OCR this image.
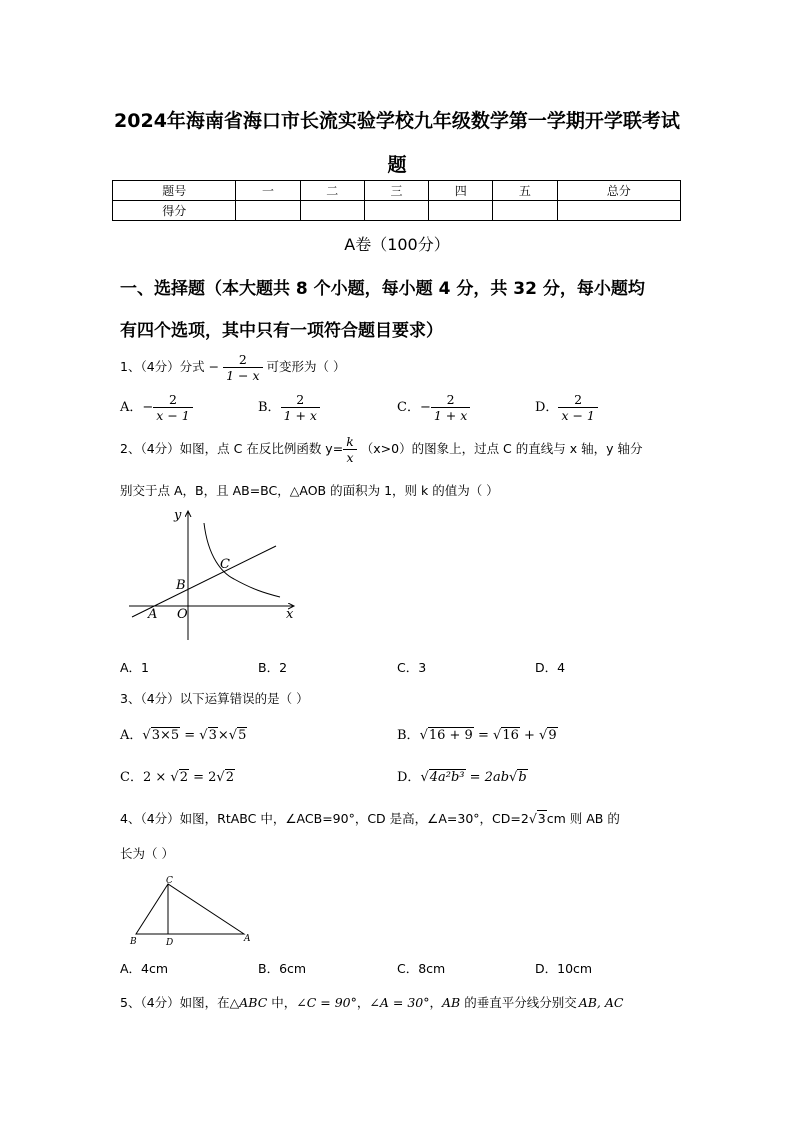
2024年海南省海口市长流实验学校九年级数学第一学期开学联考试
题
题号	一	二	三	四	五	总分
得分						
A卷（100分）
一、选择题（本大题共 8 个小题，每小题 4 分，共 32 分，每小题均
有四个选项，其中只有一项符合题目要求）
1、（4分）分式 − $\frac{2}{1 - x}$ 可变形为（ ）
A．− $\frac{2}{x - 1}$	B． $\frac{2}{1 + x}$	C．− $\frac{2}{1 + x}$	D． $\frac{2}{x - 1}$
2、（4分）如图，点 C 在反比例函数 $y= \frac{k}{x} (x>0)$的图象上，过点 C 的直线与 x 轴，y 轴分
别交于点 A，B，且 AB=BC，△AOB 的面积为 1，则 k 的值为（ ）
y
x
C
B
A O
A．1	B．2	C．3	D．4
3、（4分）以下运算错误的是（ ）
A．√3×5 = √3×√5	B．√16 + 9 = √16 + √9
C．2 × √2 = 2√2	D．√4a²b³ = 2ab√b
4、（4分）如图，RtABC 中，∠ACB=90°，CD 是高，∠A=30°，CD=2√3cm 则 AB 的
长为（ ）
C
B	D	A
A．4cm	B．6cm	C．8cm	D．10cm
5、（4分）如图，在△ABC 中，∠C = 90°，∠A = 30°，AB 的垂直平分线分别交 AB, AC
